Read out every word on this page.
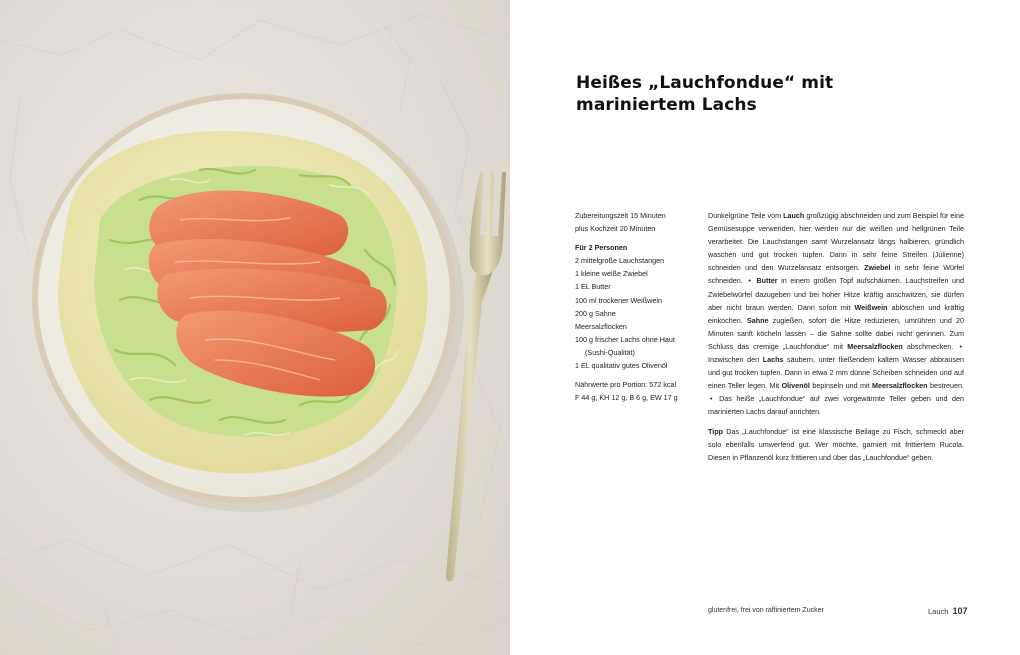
Heißes „Lauchfondue“ mit
mariniertem Lachs
Zubereitungszeit 15 Minuten
plus Kochzeit 20 Minuten
Für 2 Personen
2 mittelgroße Lauchstangen
1 kleine weiße Zwiebel
1 EL Butter
100 ml trockener Weißwein
200 g Sahne
Meersalzflocken
100 g frischer Lachs ohne Haut
(Sushi-Qualität)
1 EL qualitativ gutes Olivenöl
Nährwerte pro Portion: 572 kcal
F 44 g, KH 12 g, B 6 g, EW 17 g

Dunkelgrüne Teile vom Lauch großzügig abschneiden und zum Beispiel für eine Gemüsesuppe verwenden, hier werden nur die weißen und hellgrünen Teile verarbeitet. Die Lauchstangen samt Wurzelansatz längs halbieren, gründlich waschen und gut trocken tupfen. Dann in sehr feine Streifen (Julienne) schneiden und den Wurzelansatz entsorgen. Zwiebel in sehr feine Würfel schneiden. • Butter in einem großen Topf aufschäumen. Lauchstreifen und Zwiebelwürfel dazugeben und bei hoher Hitze kräftig anschwitzen, sie dürfen aber nicht braun werden. Dann sofort mit Weißwein ablöschen und kräftig einkochen. Sahne zugießen, sofort die Hitze reduzieren, umrühren und 20 Minuten sanft köcheln lassen – die Sahne sollte dabei nicht gerinnen. Zum Schluss das cremige „Lauchfondue“ mit Meersalzflocken abschmecken. • Inzwischen den Lachs säubern, unter fließendem kaltem Wasser abbrausen und gut trocken tupfen. Dann in etwa 2 mm dünne Scheiben schneiden und auf einen Teller legen. Mit Olivenöl bepinseln und mit Meersalzflocken bestreuen. • Das heiße „Lauchfondue“ auf zwei vorgewärmte Teller geben und den marinierten Lachs darauf anrichten.

Tipp Das „Lauchfondue“ ist eine klassische Beilage zu Fisch, schmeckt aber solo ebenfalls umwerfend gut. Wer möchte, garniert mit frittiertem Rucola. Diesen in Pflanzenöl kurz frittieren und über das „Lauchfondue“ geben.

glutenfrei, frei von raffiniertem Zucker	Lauch 107
